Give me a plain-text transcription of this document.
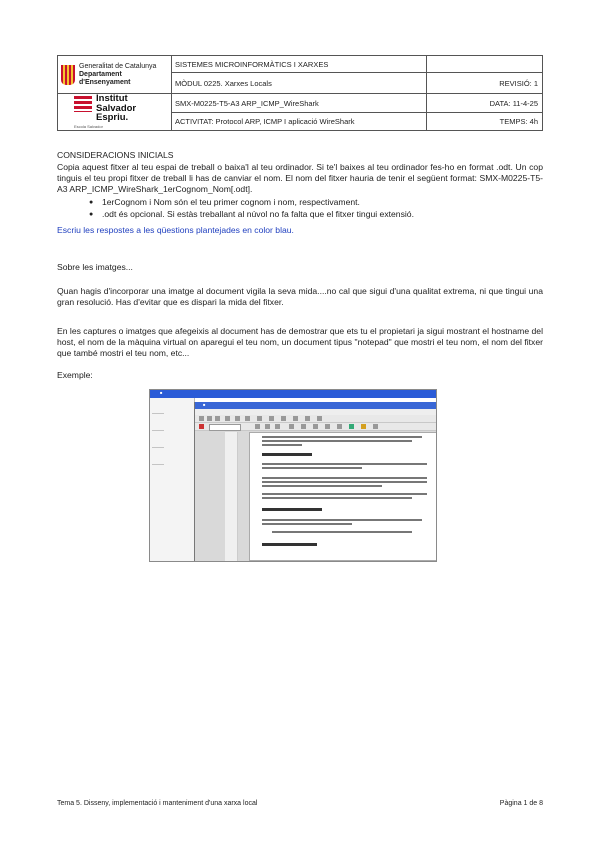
Generalitat de Catalunya
Departament
d'Ensenyament
Institut
Salvador
Espriu.
Escola Salvador
SISTEMES MICROINFORMÀTICS I XARXES
MÒDUL 0225. Xarxes Locals	REVISIÓ: 1
SMX-M0225-T5-A3 ARP_ICMP_WireShark	DATA: 11-4-25
ACTIVITAT: Protocol ARP, ICMP I aplicació WireShark	TEMPS: 4h

CONSIDERACIONS INICIALS

Copia aquest fitxer al teu espai de treball o baixa'l al teu ordinador. Si te'l baixes al teu ordinador fes-ho en format .odt. Un cop tinguis el teu propi fitxer de treball li has de canviar el nom. El nom del fitxer hauria de tenir el següent format: SMX-M0225-T5-A3 ARP_ICMP_WireShark_1erCognom_Nom[.odt].

● 1erCognom i Nom són el teu primer cognom i nom, respectivament.
● .odt és opcional. Si estàs treballant al núvol no fa falta que el fitxer tingui extensió.

Escriu les respostes a les qüestions plantejades en color blau.

Sobre les imatges...

Quan hagis d'incorporar una imatge al document vigila la seva mida....no cal que sigui d'una qualitat extrema, ni que tingui una gran resolució. Has d'evitar que es dispari la mida del fitxer.
En les captures o imatges que afegeixis al document has de demostrar que ets tu el propietari ja sigui mostrant el hostname del host, el nom de la màquina virtual on aparegui el teu nom, un document tipus "notepad" que mostri el teu nom, el nom del fitxer que també mostri el teu nom, etc...
Exemple:
■
———
———
———
———
■
Tema 5. Disseny, implementació i manteniment d'una xarxa local	Pàgina 1 de 8
